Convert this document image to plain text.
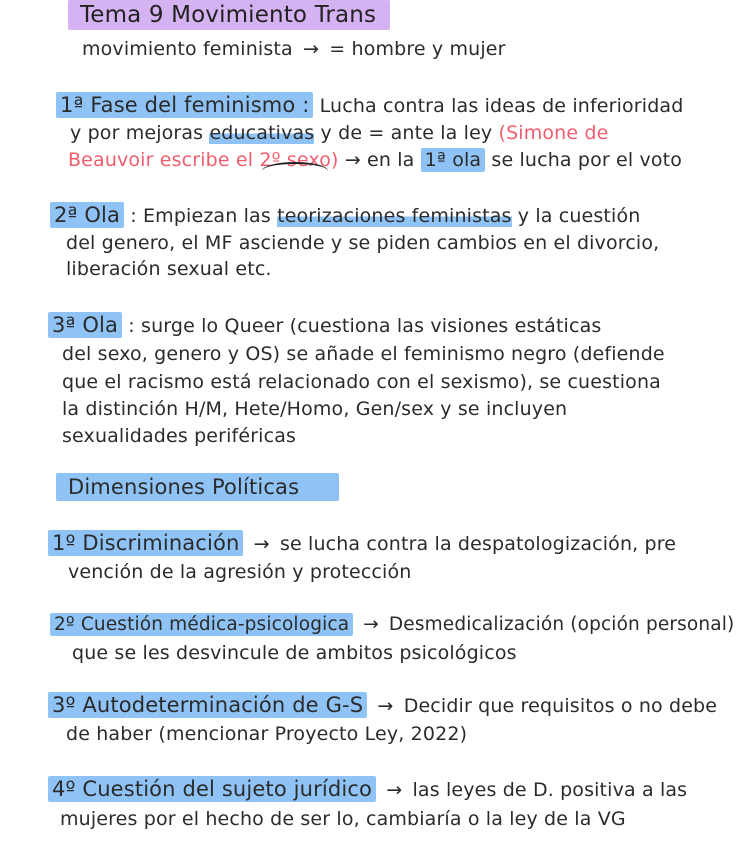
Tema 9 Movimiento Trans
movimiento feminista → = hombre y mujer
1ª Fase del feminismo : Lucha contra las ideas de inferioridad
y por mejoras educativas y de = ante la ley (Simone de
Beauvoir escribe el 2º sexo) → en la 1ª ola se lucha por el voto
2ª Ola : Empiezan las teorizaciones feministas y la cuestión
del genero, el MF asciende y se piden cambios en el divorcio,
liberación sexual etc.
3ª Ola : surge lo Queer (cuestiona las visiones estáticas
del sexo, genero y OS) se añade el feminismo negro (defiende
que el racismo está relacionado con el sexismo), se cuestiona
la distinción H/M, Hete/Homo, Gen/sex y se incluyen
sexualidades periféricas
Dimensiones Políticas
1º Discriminación → se lucha contra la despatologización, pre
vención de la agresión y protección
2º Cuestión médica-psicologica → Desmedicalización (opción personal)
que se les desvincule de ambitos psicológicos
3º Autodeterminación de G-S → Decidir que requisitos o no debe
de haber (mencionar Proyecto Ley, 2022)
4º Cuestión del sujeto jurídico → las leyes de D. positiva a las
mujeres por el hecho de ser lo, cambiaría o la ley de la VG
